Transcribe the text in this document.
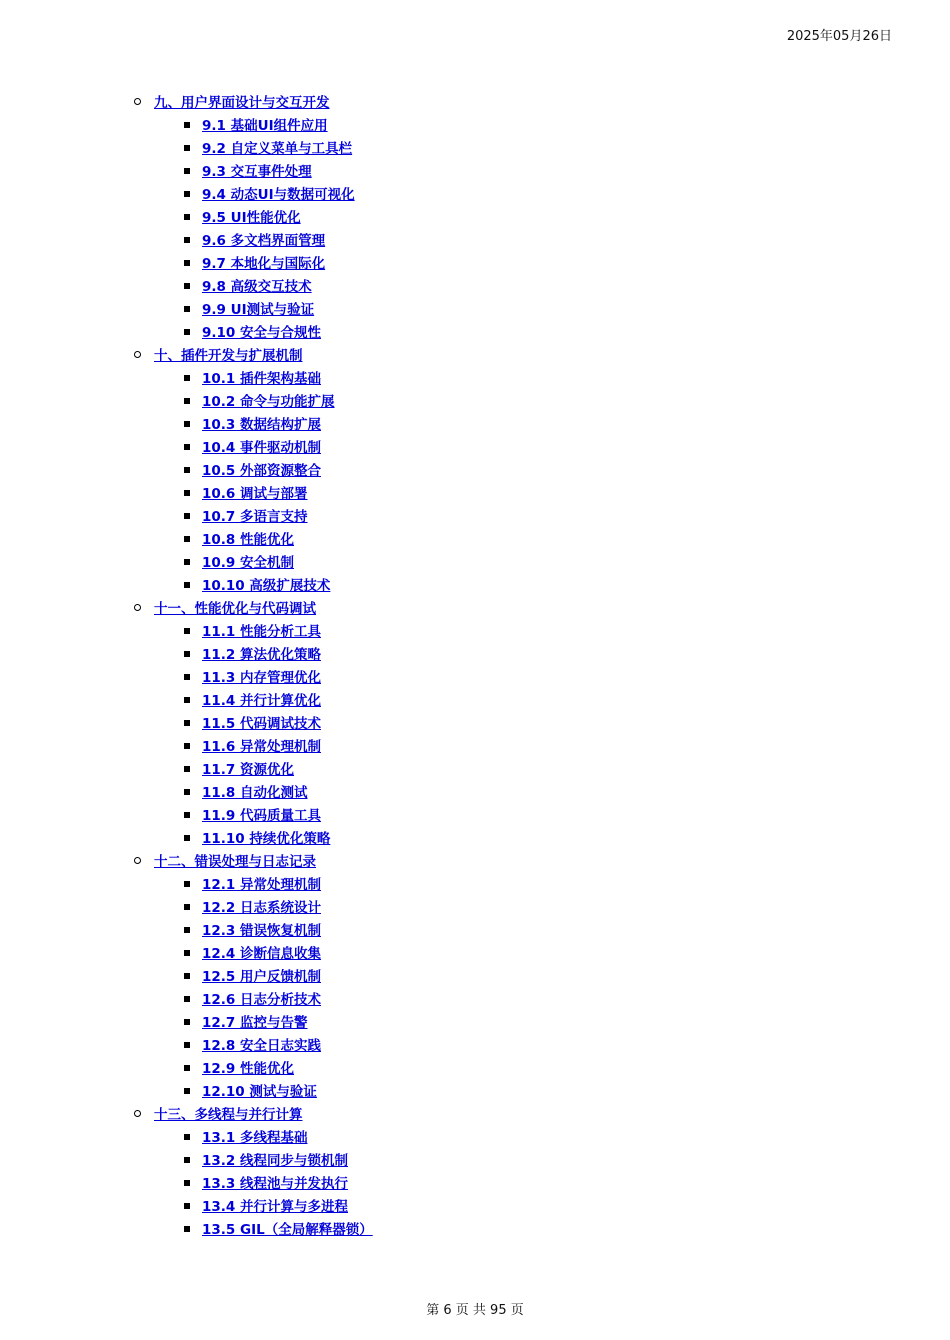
2025年05月26日
九、用户界面设计与交互开发
9.1 基础UI组件应用
9.2 自定义菜单与工具栏
9.3 交互事件处理
9.4 动态UI与数据可视化
9.5 UI性能优化
9.6 多文档界面管理
9.7 本地化与国际化
9.8 高级交互技术
9.9 UI测试与验证
9.10 安全与合规性
十、插件开发与扩展机制
10.1 插件架构基础
10.2 命令与功能扩展
10.3 数据结构扩展
10.4 事件驱动机制
10.5 外部资源整合
10.6 调试与部署
10.7 多语言支持
10.8 性能优化
10.9 安全机制
10.10 高级扩展技术
十一、性能优化与代码调试
11.1 性能分析工具
11.2 算法优化策略
11.3 内存管理优化
11.4 并行计算优化
11.5 代码调试技术
11.6 异常处理机制
11.7 资源优化
11.8 自动化测试
11.9 代码质量工具
11.10 持续优化策略
十二、错误处理与日志记录
12.1 异常处理机制
12.2 日志系统设计
12.3 错误恢复机制
12.4 诊断信息收集
12.5 用户反馈机制
12.6 日志分析技术
12.7 监控与告警
12.8 安全日志实践
12.9 性能优化
12.10 测试与验证
十三、多线程与并行计算
13.1 多线程基础
13.2 线程同步与锁机制
13.3 线程池与并发执行
13.4 并行计算与多进程
13.5 GIL（全局解释器锁）
第 6 页 共 95 页
